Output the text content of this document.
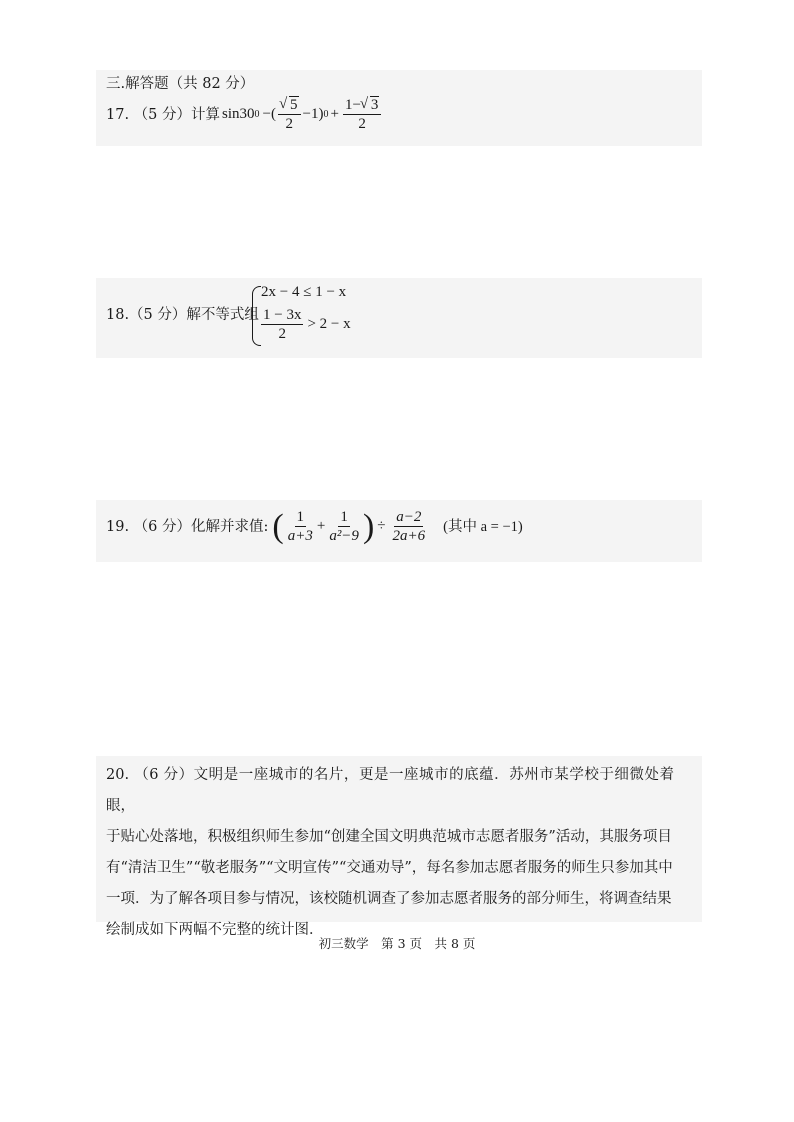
三.解答题（共 82 分）
17. （5 分）计算 sin30 0 −( √ $\frac{5}{2} -1$) $0 + \frac{1- √ 3}{2}$
18.（5 分）解不等式组
2x − 4 ≤ 1 − x
$\frac{1 - 3x}{2} > 2 - x$
19. （6 分）化解并求值: ( $\frac{1}{a+3} + \frac{1}{\text{a²−9}}$ ) ÷ $\frac{a-2}{2a+6}$ (其中 a = −1)

20. （6 分）文明是一座城市的名片，更是一座城市的底蕴．苏州市某学校于细微处着眼，

于贴心处落地，积极组织师生参加“创建全国文明典范城市志愿者服务”活动，其服务项目

有“清洁卫生”“敬老服务”“文明宣传”“交通劝导”，每名参加志愿者服务的师生只参加其中

一项．为了解各项目参与情况，该校随机调查了参加志愿者服务的部分师生，将调查结果

绘制成如下两幅不完整的统计图．

初三数学　第 3 页　共 8 页
